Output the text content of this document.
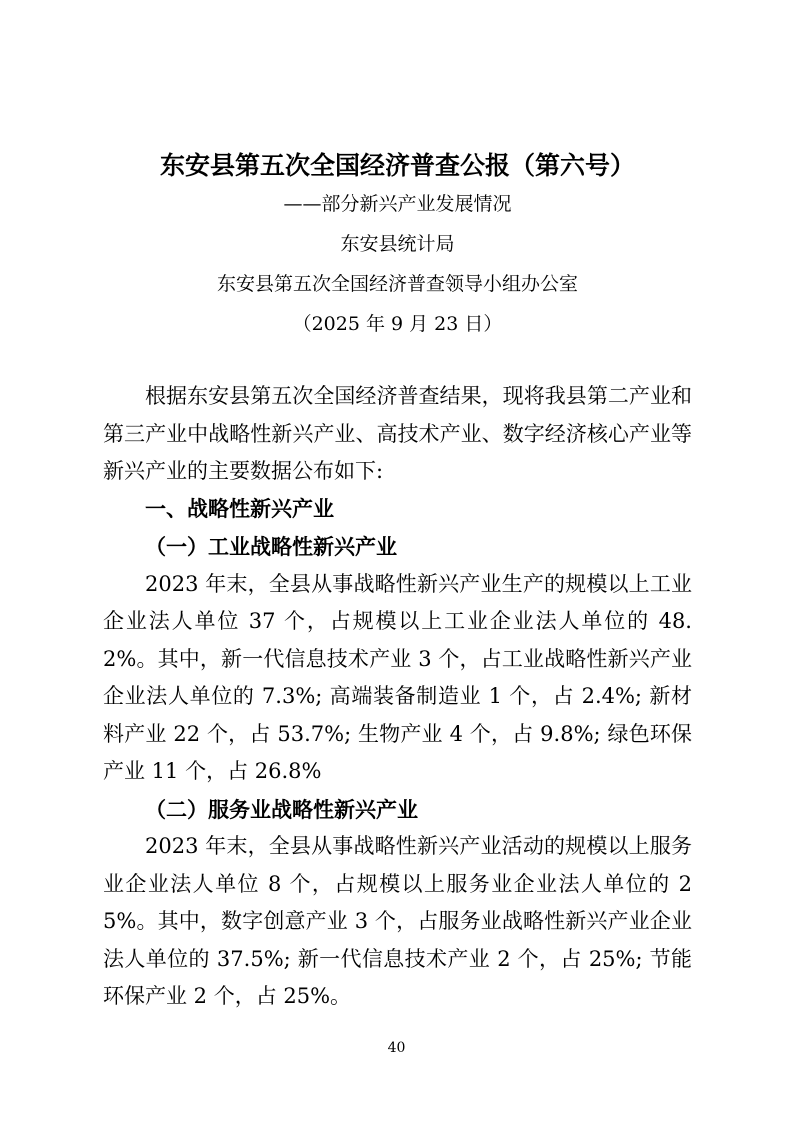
东安县第五次全国经济普查公报（第六号）
——部分新兴产业发展情况
东安县统计局
东安县第五次全国经济普查领导小组办公室
（2025 年 9 月 23 日）

根据东安县第五次全国经济普查结果，现将我县第二产业和第三产业中战略性新兴产业、高技术产业、数字经济核心产业等新兴产业的主要数据公布如下:

一、战略性新兴产业
（一）工业战略性新兴产业

2023 年末，全县从事战略性新兴产业生产的规模以上工业企业法人单位 37 个，占规模以上工业企业法人单位的 48.2%。其中，新一代信息技术产业 3 个，占工业战略性新兴产业企业法人单位的 7.3%; 高端装备制造业 1 个，占 2.4%; 新材料产业 22 个，占 53.7%; 生物产业 4 个，占 9.8%; 绿色环保产业 11 个，占 26.8%

（二）服务业战略性新兴产业

2023 年末，全县从事战略性新兴产业活动的规模以上服务业企业法人单位 8 个，占规模以上服务业企业法人单位的 25%。其中，数字创意产业 3 个，占服务业战略性新兴产业企业法人单位的 37.5%; 新一代信息技术产业 2 个，占 25%; 节能环保产业 2 个，占 25%。

40
